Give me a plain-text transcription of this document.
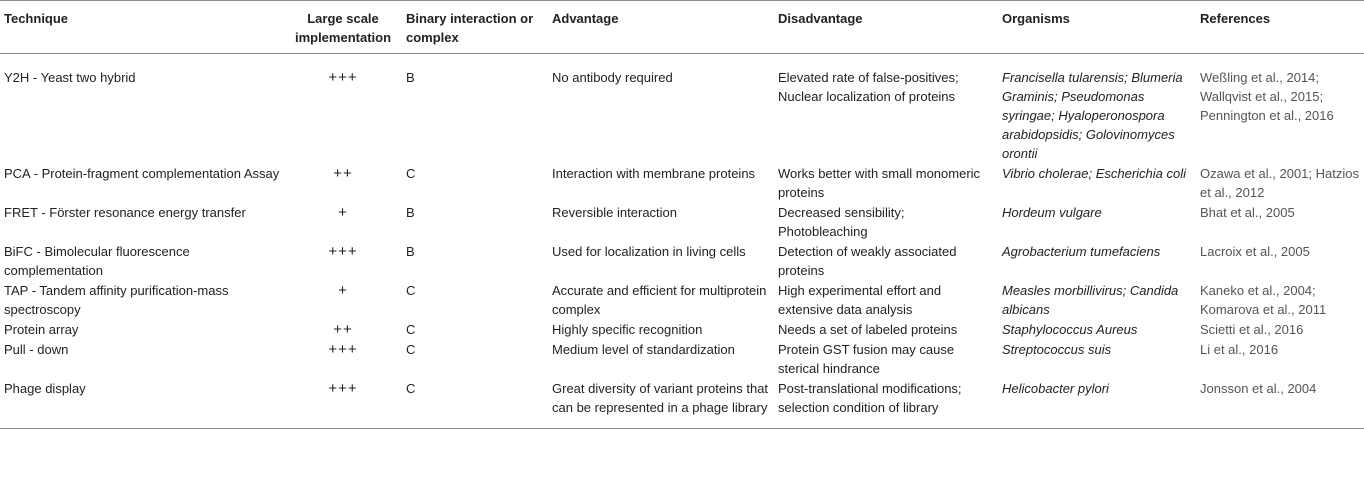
Technique	Large scale implementation	Binary interaction or complex	Advantage	Disadvantage	Organisms	References
Y2H - Yeast two hybrid	+++	B	No antibody required	Elevated rate of false-positives; Nuclear localization of proteins	Francisella tularensis; Blumeria Graminis; Pseudomonas syringae; Hyaloperonospora arabidopsidis; Golovinomyces orontii	Weßling et al., 2014; Wallqvist et al., 2015; Pennington et al., 2016
PCA - Protein-fragment complementation Assay	++	C	Interaction with membrane proteins	Works better with small monomeric proteins	Vibrio cholerae; Escherichia coli	Ozawa et al., 2001; Hatzios et al., 2012
FRET - Förster resonance energy transfer	+	B	Reversible interaction	Decreased sensibility; Photobleaching	Hordeum vulgare	Bhat et al., 2005
BiFC - Bimolecular fluorescence complementation	+++	B	Used for localization in living cells	Detection of weakly associated proteins	Agrobacterium tumefaciens	Lacroix et al., 2005
TAP - Tandem affinity purification-mass spectroscopy	+	C	Accurate and efficient for multiprotein complex	High experimental effort and extensive data analysis	Measles morbillivirus; Candida albicans	Kaneko et al., 2004; Komarova et al., 2011
Protein array	++	C	Highly specific recognition	Needs a set of labeled proteins	Staphylococcus Aureus	Scietti et al., 2016
Pull - down	+++	C	Medium level of standardization	Protein GST fusion may cause sterical hindrance	Streptococcus suis	Li et al., 2016
Phage display	+++	C	Great diversity of variant proteins that can be represented in a phage library	Post-translational modifications; selection condition of library	Helicobacter pylori	Jonsson et al., 2004
